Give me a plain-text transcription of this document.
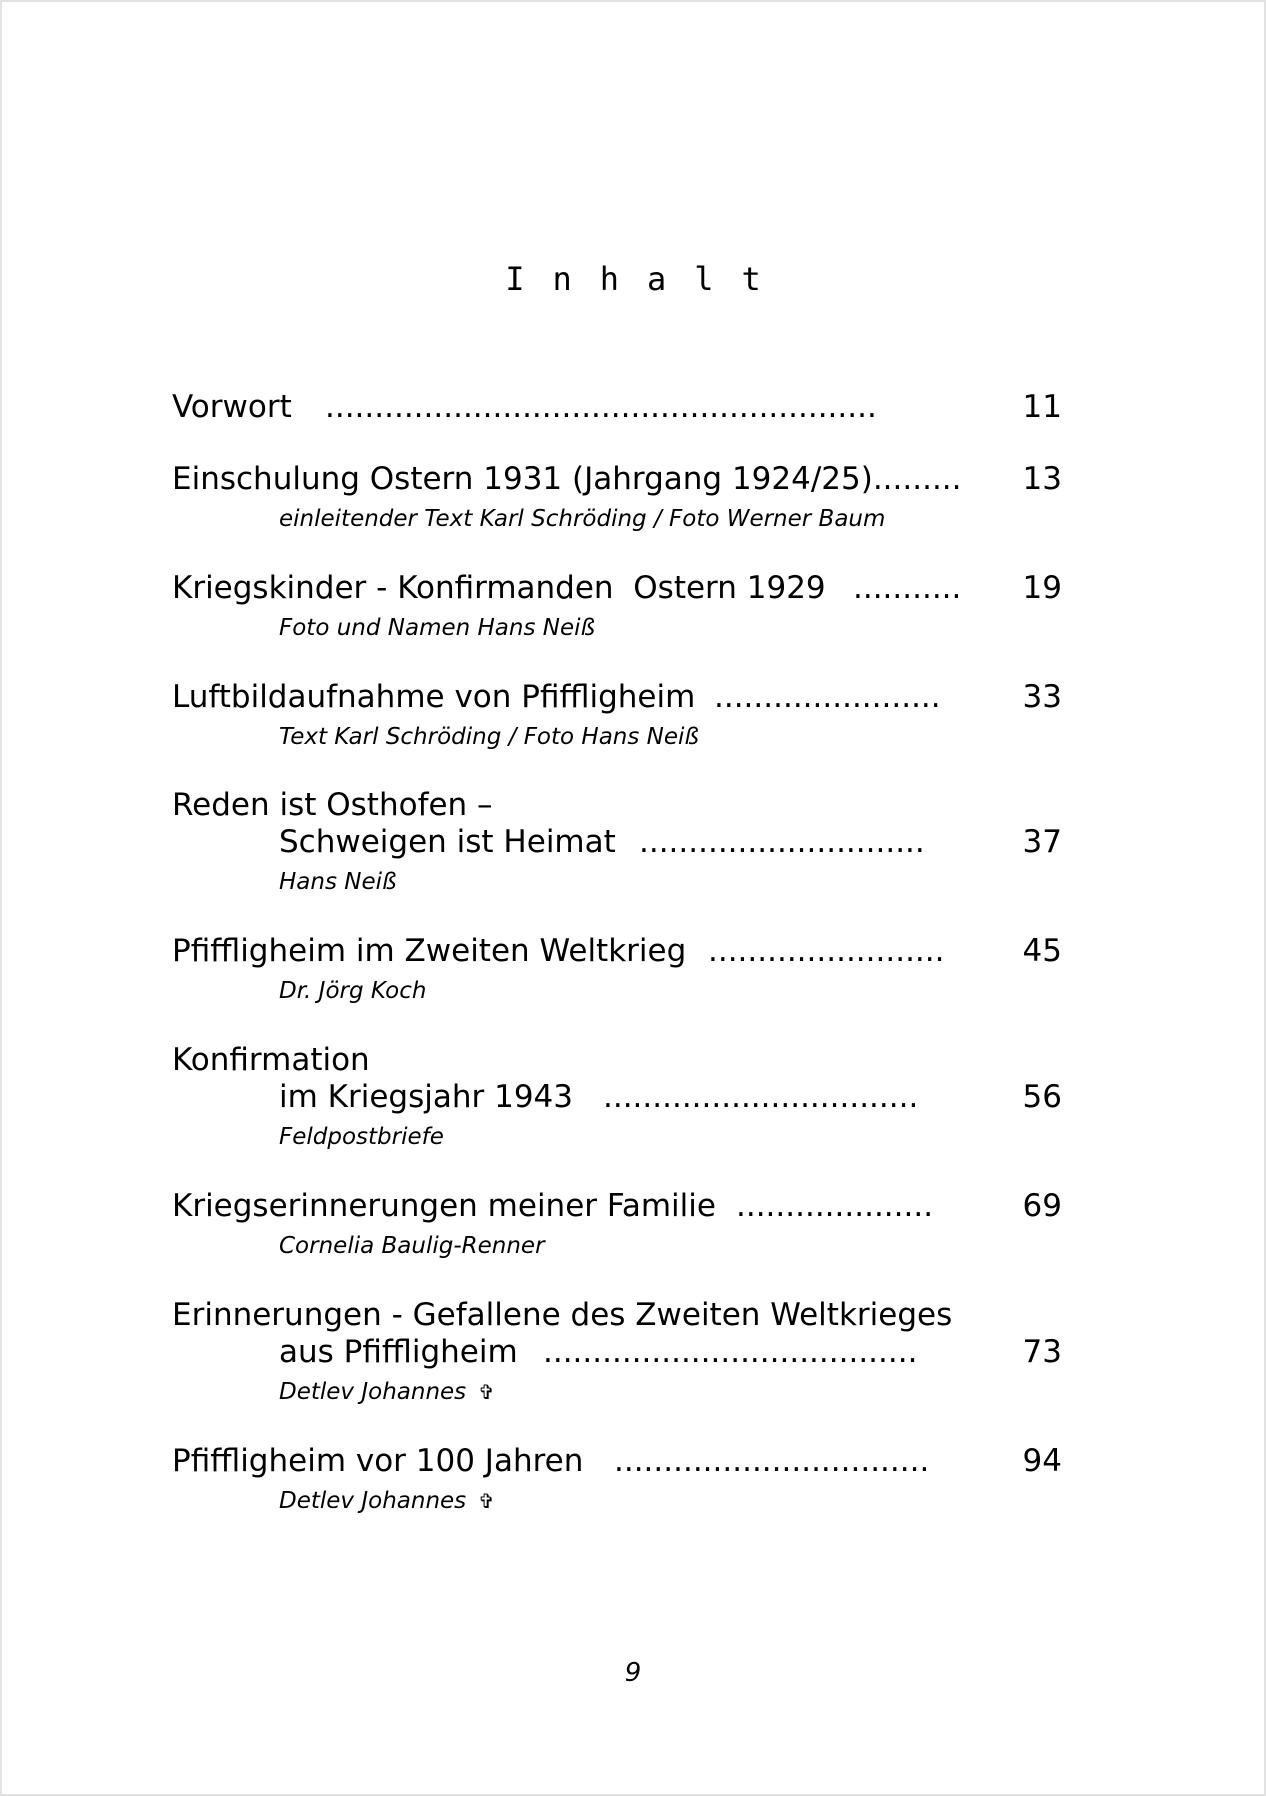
Inhalt
Vorwort ........................................................	11
Einschulung Ostern 1931 (Jahrgang 1924/25)......... 13
einleitender Text Karl Schröding / Foto Werner Baum
Kriegskinder - Konfirmanden  Ostern 1929 ........... 19
Foto und Namen Hans Neiß
Luftbildaufnahme von Pfiffligheim .......................	33
Text Karl Schröding / Foto Hans Neiß
Reden ist Osthofen –
Schweigen ist Heimat .............................	37
Hans Neiß
Pfiffligheim im Zweiten Weltkrieg ........................	45
Dr. Jörg Koch
Konfirmation
im Kriegsjahr 1943 ................................	56
Feldpostbriefe
Kriegserinnerungen meiner Familie ....................	69
Cornelia Baulig-Renner
Erinnerungen - Gefallene des Zweiten Weltkrieges
aus Pfiffligheim ......................................	73
Detlev Johannes ✞
Pfiffligheim vor 100 Jahren ................................	94
Detlev Johannes ✞
9
